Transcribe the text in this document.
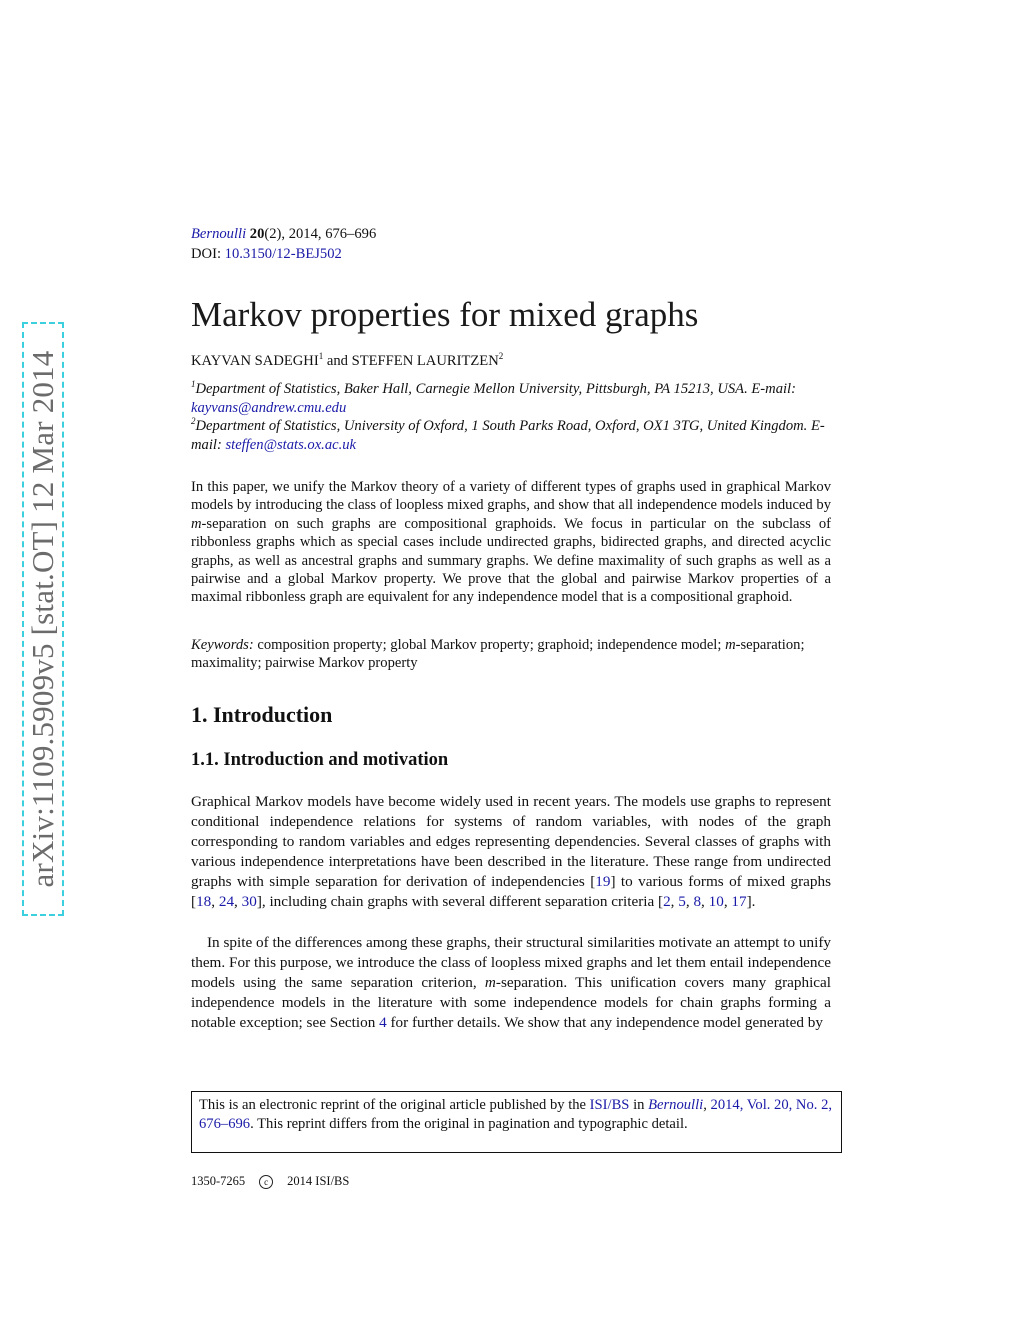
arXiv:1109.5909v5 [stat.OT] 12 Mar 2014
Bernoulli 20(2), 2014, 676–696
DOI: 10.3150/12-BEJ502
Markov properties for mixed graphs
KAYVAN SADEGHI$^1$ and STEFFEN LAURITZEN$^2$
$^1$Department of Statistics, Baker Hall, Carnegie Mellon University, Pittsburgh, PA 15213, USA. E-mail: kayvans@andrew.cmu.edu
$^2$Department of Statistics, University of Oxford, 1 South Parks Road, Oxford, OX1 3TG, United Kingdom. E-mail: steffen@stats.ox.ac.uk
In this paper, we unify the Markov theory of a variety of different types of graphs used in graphical Markov models by introducing the class of loopless mixed graphs, and show that all independence models induced by m-separation on such graphs are compositional graphoids. We focus in particular on the subclass of ribbonless graphs which as special cases include undirected graphs, bidirected graphs, and directed acyclic graphs, as well as ancestral graphs and summary graphs. We define maximality of such graphs as well as a pairwise and a global Markov property. We prove that the global and pairwise Markov properties of a maximal ribbonless graph are equivalent for any independence model that is a compositional graphoid.
Keywords: composition property; global Markov property; graphoid; independence model; m-separation; maximality; pairwise Markov property
1. Introduction
1.1. Introduction and motivation
Graphical Markov models have become widely used in recent years. The models use graphs to represent conditional independence relations for systems of random variables, with nodes of the graph corresponding to random variables and edges representing dependencies. Several classes of graphs with various independence interpretations have been described in the literature. These range from undirected graphs with simple separation for derivation of independencies [19] to various forms of mixed graphs [18, 24, 30], including chain graphs with several different separation criteria [2, 5, 8, 10, 17].
In spite of the differences among these graphs, their structural similarities motivate an attempt to unify them. For this purpose, we introduce the class of loopless mixed graphs and let them entail independence models using the same separation criterion, m-separation. This unification covers many graphical independence models in the literature with some independence models for chain graphs forming a notable exception; see Section 4 for further details. We show that any independence model generated by
This is an electronic reprint of the original article published by the ISI/BS in Bernoulli, 2014, Vol. 20, No. 2, 676–696. This reprint differs from the original in pagination and typographic detail.
1350-7265 c 2014 ISI/BS
